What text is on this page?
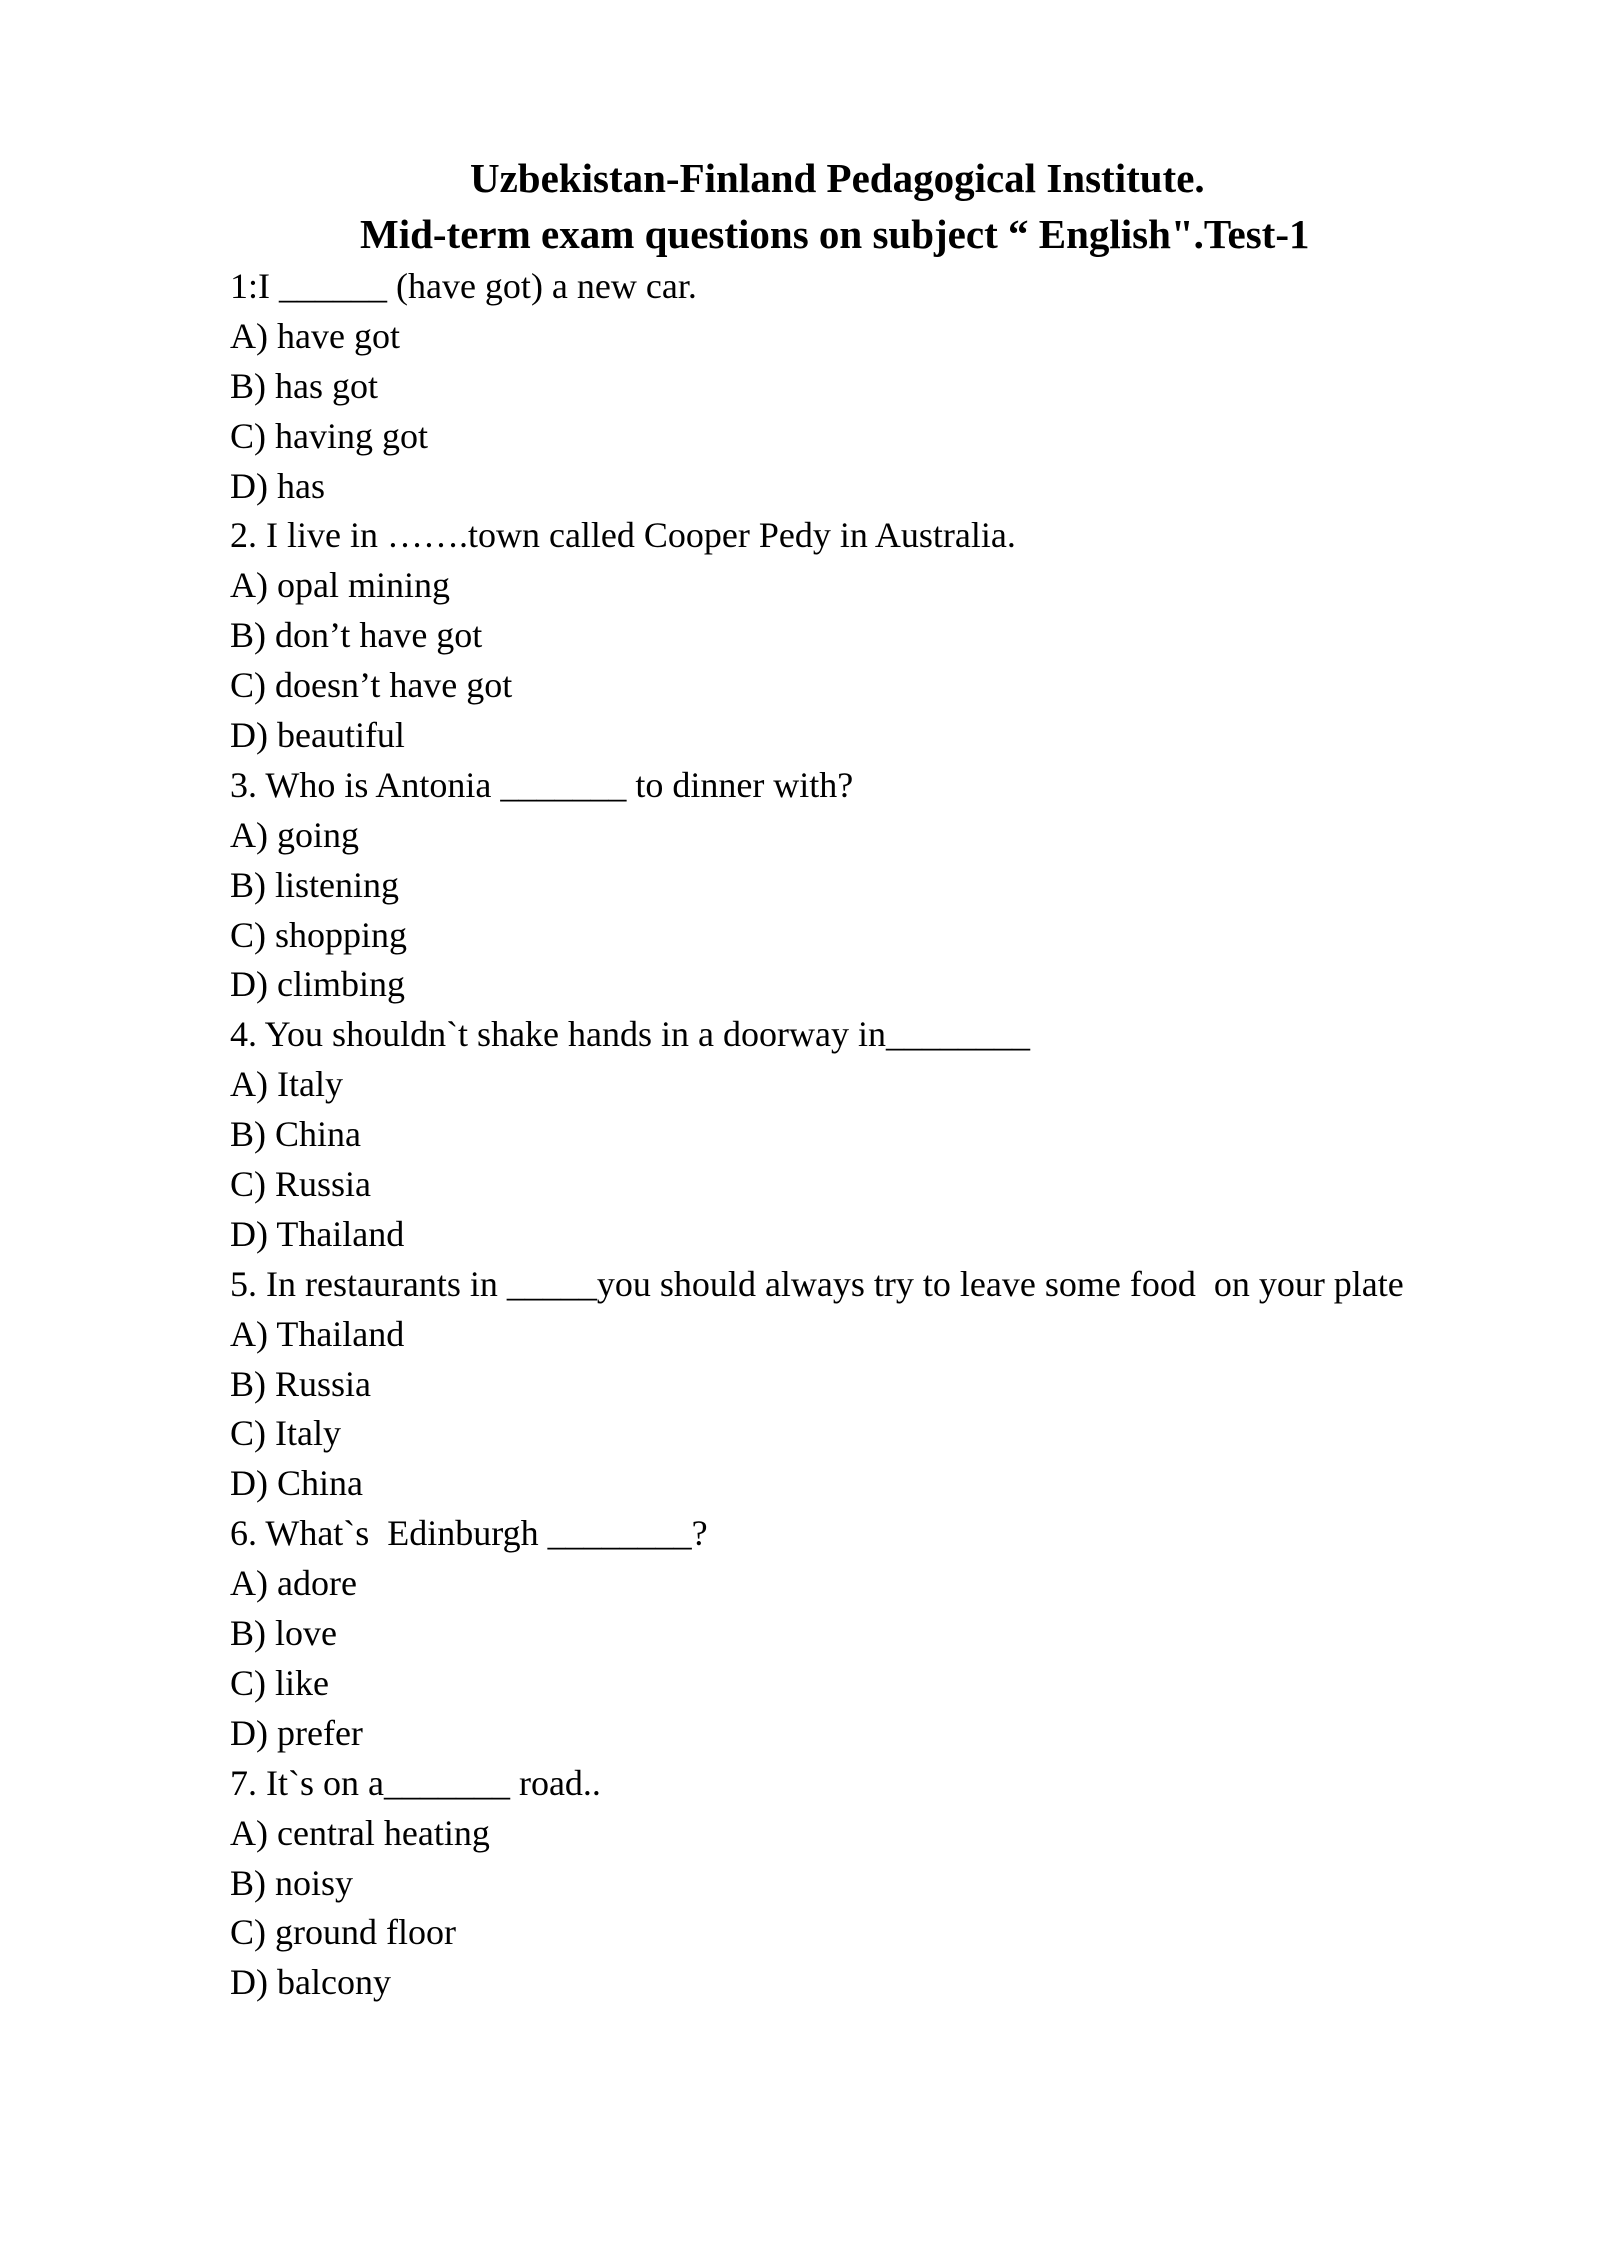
Uzbekistan-Finland Pedagogical Institute.
Mid-term exam questions on subject “ English".Test-1
1:I ______ (have got) a new car.
A) have got
B) has got
C) having got
D) has
2. I live in …….town called Cooper Pedy in Australia.
A) opal mining
B) don’t have got
C) doesn’t have got
D) beautiful
3. Who is Antonia _______ to dinner with?
A) going
B) listening
C) shopping
D) climbing
4. You shouldn`t shake hands in a doorway in________
A) Italy
B) China
C) Russia
D) Thailand
5. In restaurants in _____you should always try to leave some food  on your plate
A) Thailand
B) Russia
C) Italy
D) China
6. What`s  Edinburgh ________?
A) adore
B) love
C) like
D) prefer
7. It`s on a_______ road..
A) central heating
B) noisy
C) ground floor
D) balcony
